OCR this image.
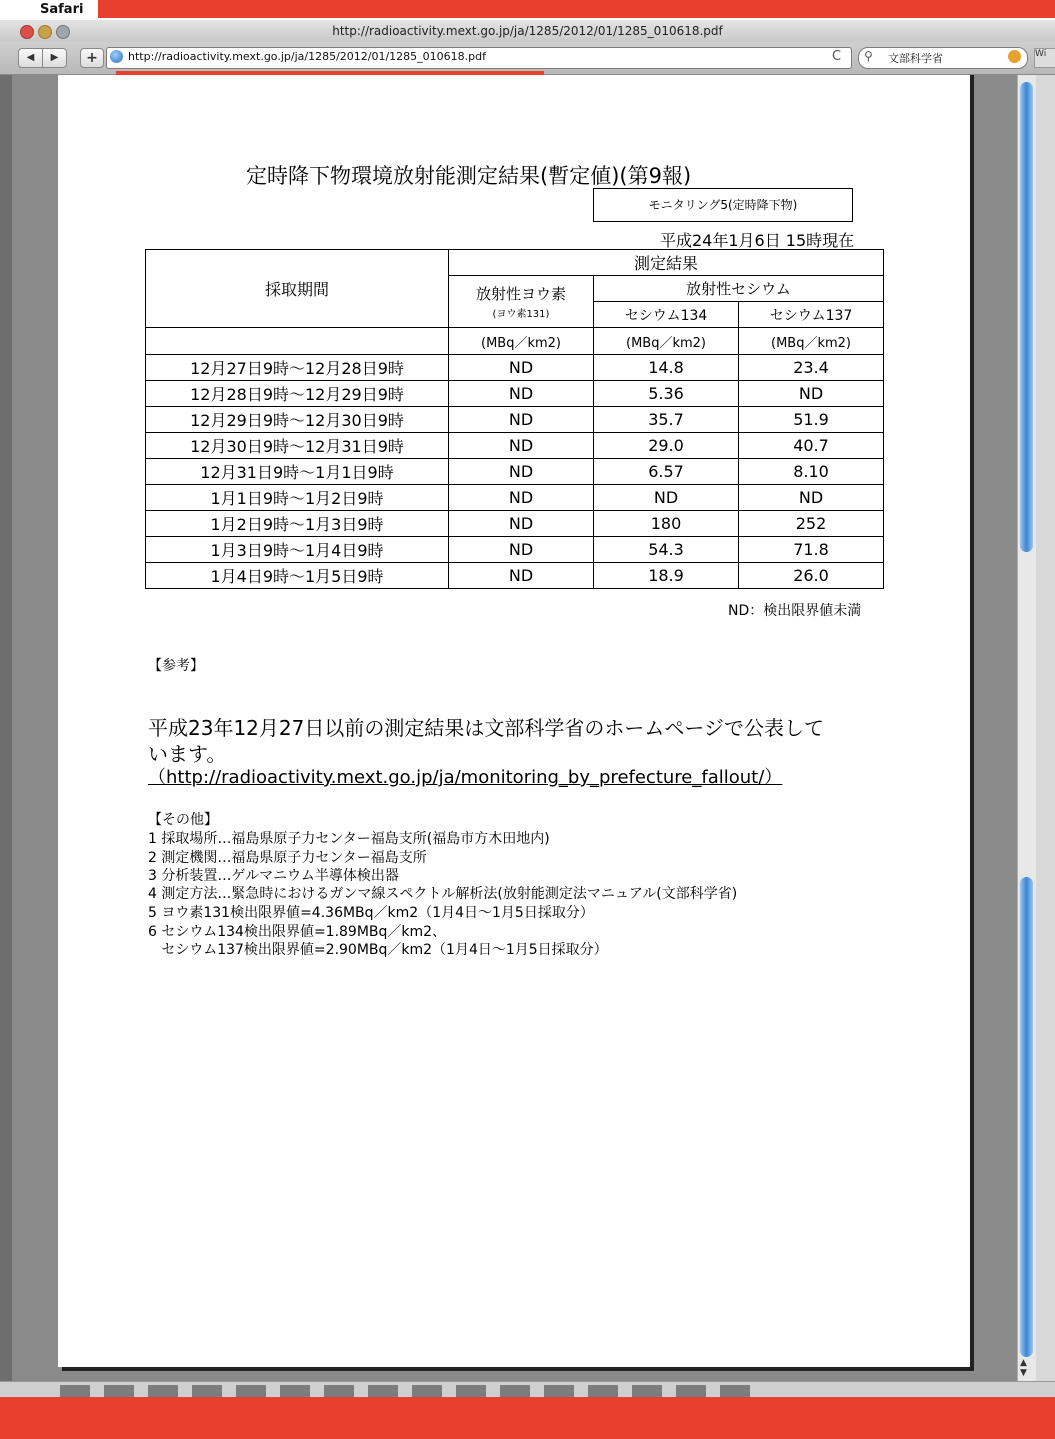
Safari
http://radioactivity.mext.go.jp/ja/1285/2012/01/1285_010618.pdf
◀	▶	+	http://radioactivity.mext.go.jp/ja/1285/2012/01/1285_010618.pdf	C ⚲ 文部科学省	Wi
▲
▼
定時降下物環境放射能測定結果(暫定値)(第9報)
モニタリング5(定時降下物)
平成24年1月6日 15時現在
採取期間	測定結果		
	放射性ヨウ素
(ヨウ素131)	放射性セシウム	
		セシウム134	セシウム137
	(MBq／km2)	(MBq／km2)	(MBq／km2)
12月27日9時～12月28日9時	ND	14.8	23.4
12月28日9時～12月29日9時	ND	5.36	ND
12月29日9時～12月30日9時	ND	35.7	51.9
12月30日9時～12月31日9時	ND	29.0	40.7
12月31日9時～1月1日9時	ND	6.57	8.10
1月1日9時～1月2日9時	ND	ND	ND
1月2日9時～1月3日9時	ND	180	252
1月3日9時～1月4日9時	ND	54.3	71.8
1月4日9時～1月5日9時	ND	18.9	26.0
ND：検出限界値未満
【参考】
平成23年12月27日以前の測定結果は文部科学省のホームページで公表して
います。
（http://radioactivity.mext.go.jp/ja/monitoring_by_prefecture_fallout/）
【その他】
1 採取場所…福島県原子力センター福島支所(福島市方木田地内)
2 測定機関…福島県原子力センター福島支所
3 分析装置…ゲルマニウム半導体検出器
4 測定方法…緊急時におけるガンマ線スペクトル解析法(放射能測定法マニュアル(文部科学省)
5 ヨウ素131検出限界値=4.36MBq／km2（1月4日～1月5日採取分）
6 セシウム134検出限界値=1.89MBq／km2、
セシウム137検出限界値=2.90MBq／km2（1月4日～1月5日採取分）
